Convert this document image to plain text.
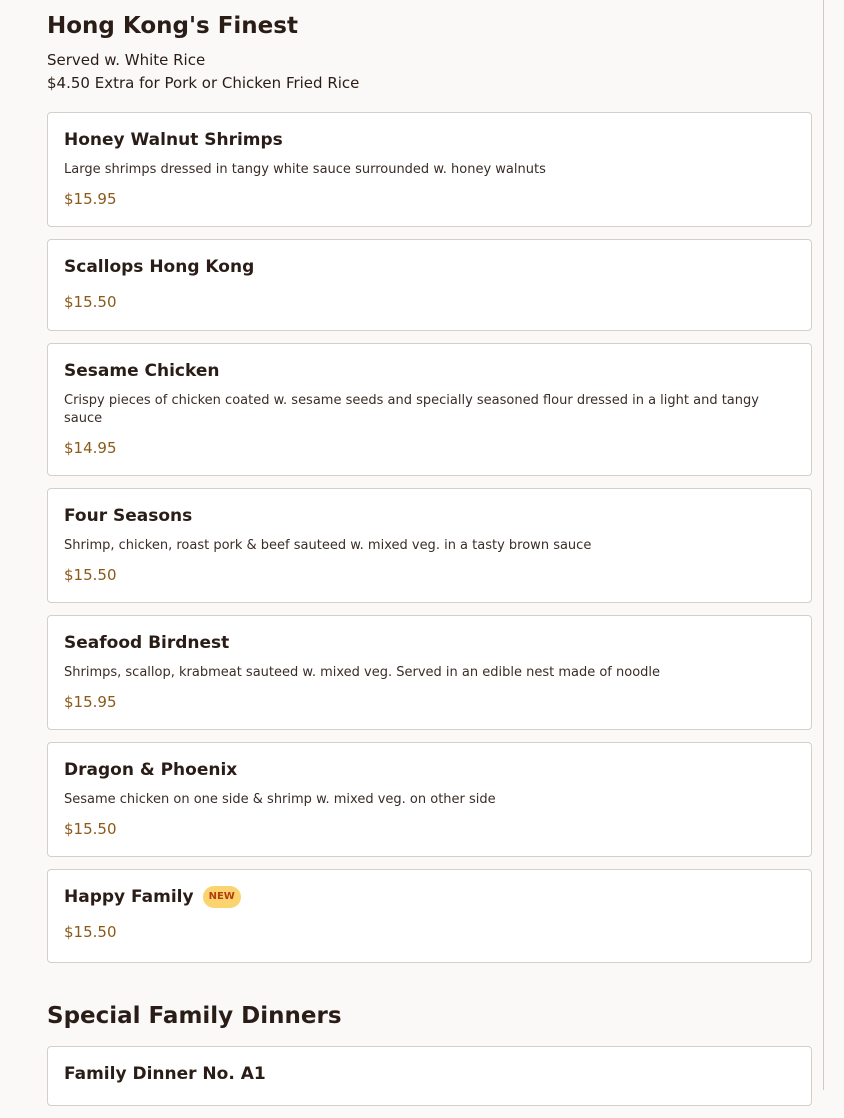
Hong Kong's Finest
Served w. White Rice
$4.50 Extra for Pork or Chicken Fried Rice
Honey Walnut Shrimps
Large shrimps dressed in tangy white sauce surrounded w. honey walnuts
$15.95
Scallops Hong Kong
$15.50
Sesame Chicken
Crispy pieces of chicken coated w. sesame seeds and specially seasoned flour dressed in a light and tangy sauce
$14.95
Four Seasons
Shrimp, chicken, roast pork & beef sauteed w. mixed veg. in a tasty brown sauce
$15.50
Seafood Birdnest
Shrimps, scallop, krabmeat sauteed w. mixed veg. Served in an edible nest made of noodle
$15.95
Dragon & Phoenix
Sesame chicken on one side & shrimp w. mixed veg. on other side
$15.50
Happy Family	NEW
$15.50
Special Family Dinners
Family Dinner No. A1
